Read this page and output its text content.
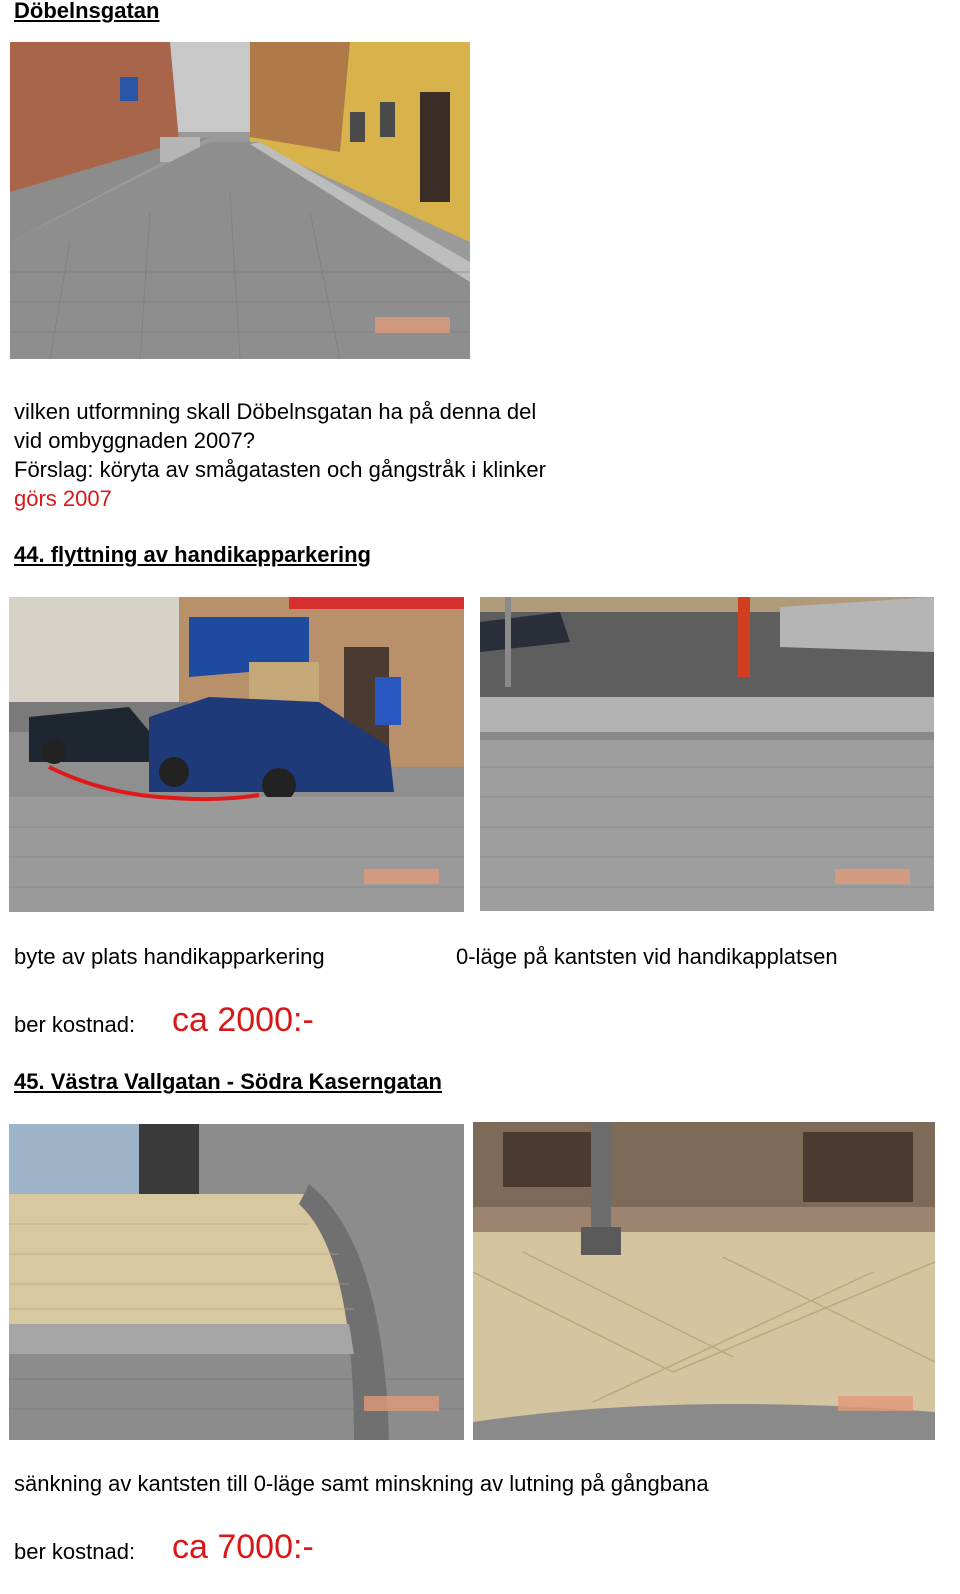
Döbelnsgatan
vilken utformning skall Döbelnsgatan ha på denna del
vid ombyggnaden 2007?
Förslag: köryta av smågatasten och gångstråk i klinker
görs 2007
44. flyttning av handikapparkering
byte av plats handikapparkering	0-läge på kantsten vid handikapplatsen
ber kostnad: ca 2000:-
45. Västra Vallgatan - Södra Kaserngatan
sänkning av kantsten till 0-läge samt minskning av lutning på gångbana
ber kostnad: ca 7000:-
